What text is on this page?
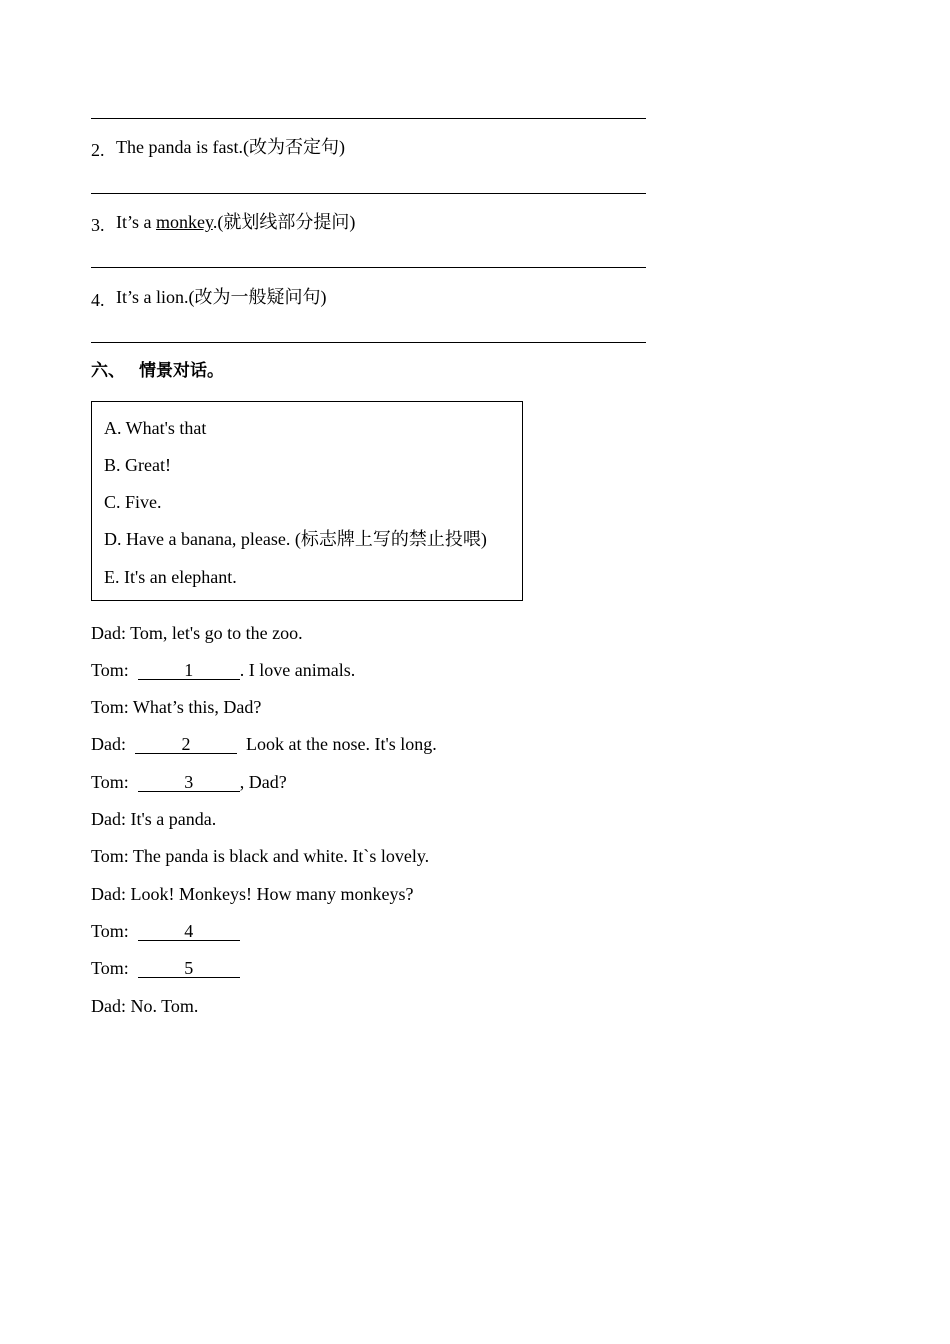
2. The panda is fast.(改为否定句)
3. It’s a monkey.(就划线部分提问)
4. It’s a lion.(改为一般疑问句)
六、 情景对话。
A. What's that
B. Great!
C. Five.
D. Have a banana, please. (标志牌上写的禁止投喂)
E. It's an elephant.
Dad: Tom, let's go to the zoo.
Tom:	1	. I love animals.
Tom: What’s this, Dad?
Dad:	2	Look at the nose. It's long.
Tom:	3	, Dad?
Dad: It's a panda.
Tom: The panda is black and white. It`s lovely.
Dad: Look! Monkeys! How many monkeys?
Tom:	4
Tom:	5
Dad: No. Tom.
